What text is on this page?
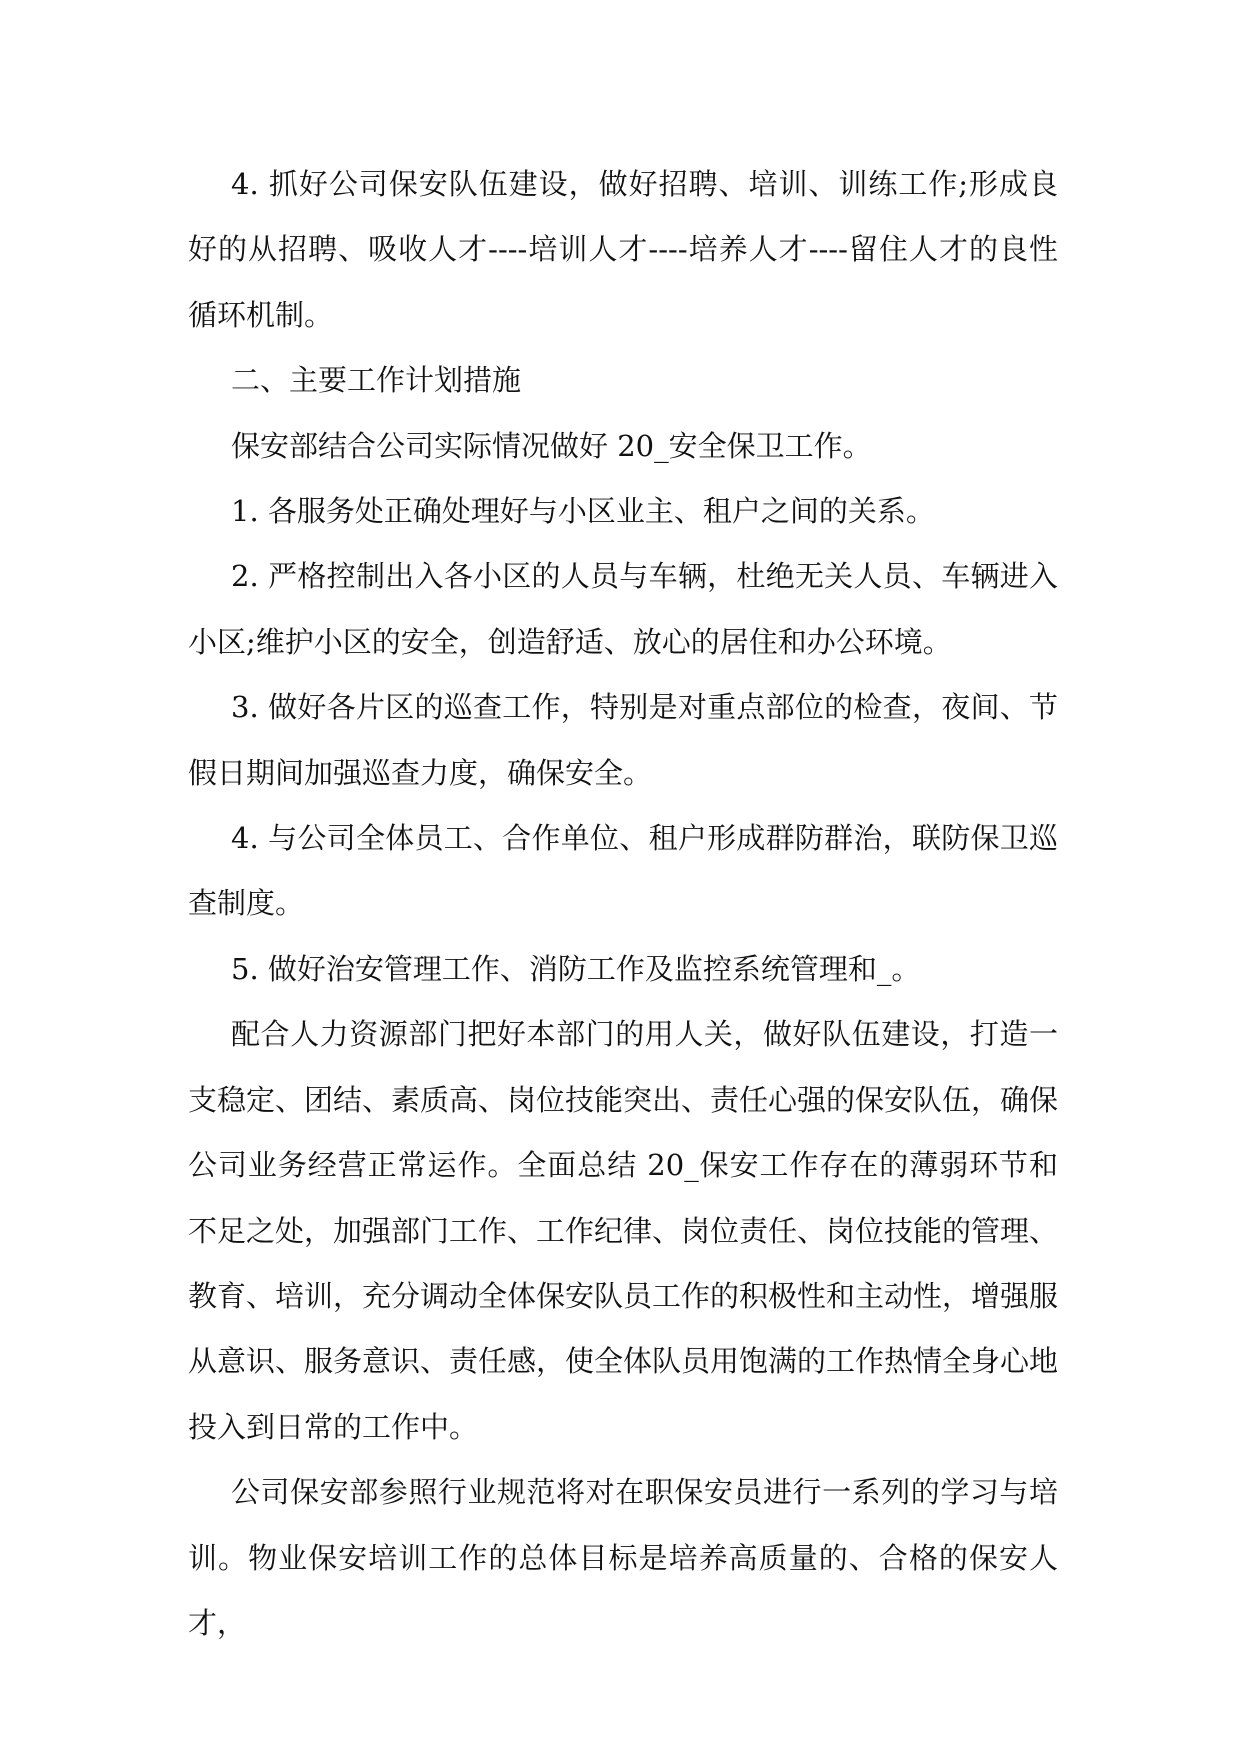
4. 抓好公司保安队伍建设，做好招聘、培训、训练工作;形成良好的从招聘、吸收人才----培训人才----培养人才----留住人才的良性循环机制。

二、主要工作计划措施

保安部结合公司实际情况做好 20_安全保卫工作。

1. 各服务处正确处理好与小区业主、租户之间的关系。

2. 严格控制出入各小区的人员与车辆，杜绝无关人员、车辆进入小区;维护小区的安全，创造舒适、放心的居住和办公环境。

3. 做好各片区的巡查工作，特别是对重点部位的检查，夜间、节假日期间加强巡查力度，确保安全。

4. 与公司全体员工、合作单位、租户形成群防群治，联防保卫巡查制度。

5. 做好治安管理工作、消防工作及监控系统管理和_。

配合人力资源部门把好本部门的用人关，做好队伍建设，打造一支稳定、团结、素质高、岗位技能突出、责任心强的保安队伍，确保公司业务经营正常运作。全面总结 20_保安工作存在的薄弱环节和不足之处，加强部门工作、工作纪律、岗位责任、岗位技能的管理、教育、培训，充分调动全体保安队员工作的积极性和主动性，增强服从意识、服务意识、责任感，使全体队员用饱满的工作热情全身心地投入到日常的工作中。

公司保安部参照行业规范将对在职保安员进行一系列的学习与培训。物业保安培训工作的总体目标是培养高质量的、合格的保安人才，
